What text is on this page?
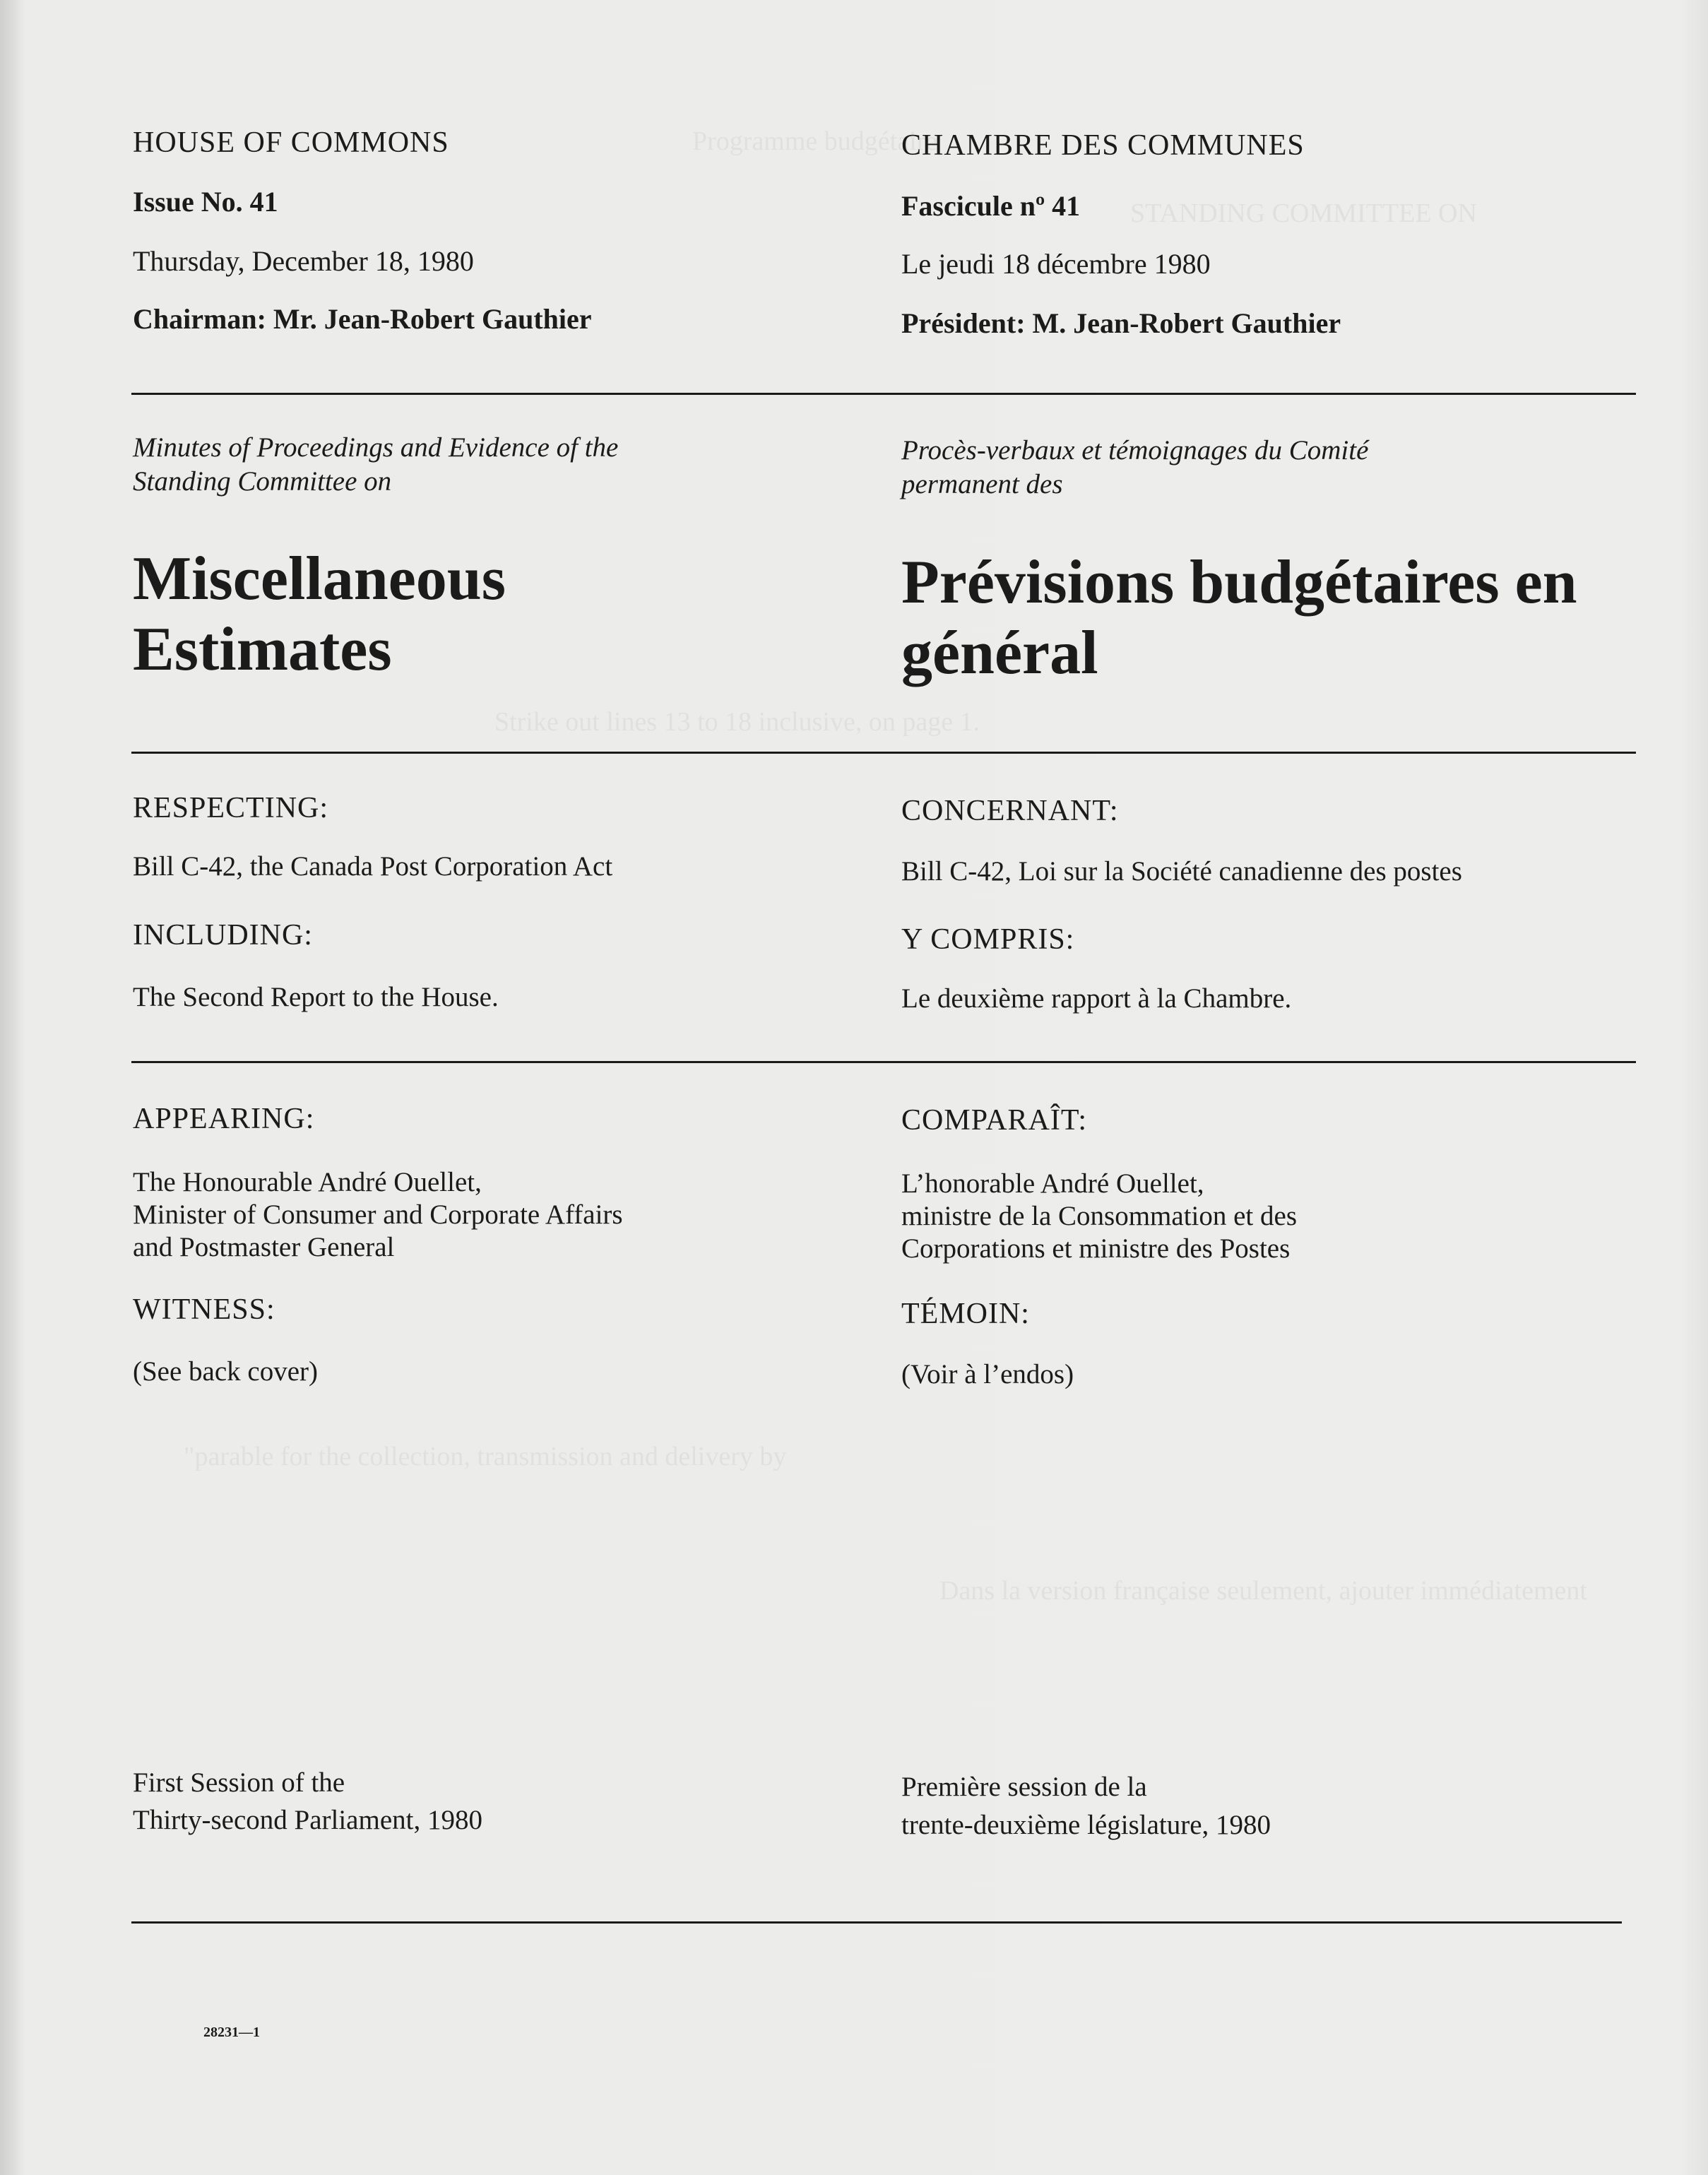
Programme budgétaire
STANDING COMMITTEE ON
Strike out lines 13 to 18 inclusive, on page 1.
"parable for the collection, transmission and delivery by
Dans la version française seulement, ajouter immédiatement
HOUSE OF COMMONS
Issue No. 41
Thursday, December 18, 1980
Chairman: Mr. Jean-Robert Gauthier
Minutes of Proceedings and Evidence of the Standing Committee on
Miscellaneous Estimates
RESPECTING:
Bill C-42, the Canada Post Corporation Act
INCLUDING:
The Second Report to the House.
APPEARING:
The Honourable André Ouellet,
Minister of Consumer and Corporate Affairs
and Postmaster General
WITNESS:
(See back cover)
First Session of the
Thirty-second Parliament, 1980
28231—1
CHAMBRE DES COMMUNES
Fascicule nº 41
Le jeudi 18 décembre 1980
Président: M. Jean-Robert Gauthier
Procès-verbaux et témoignages du Comité permanent des
Prévisions budgétaires en général
CONCERNANT:
Bill C-42, Loi sur la Société canadienne des postes
Y COMPRIS:
Le deuxième rapport à la Chambre.
COMPARAÎT:
L’honorable André Ouellet,
ministre de la Consommation et des
Corporations et ministre des Postes
TÉMOIN:
(Voir à l’endos)
Première session de la
trente-deuxième législature, 1980
